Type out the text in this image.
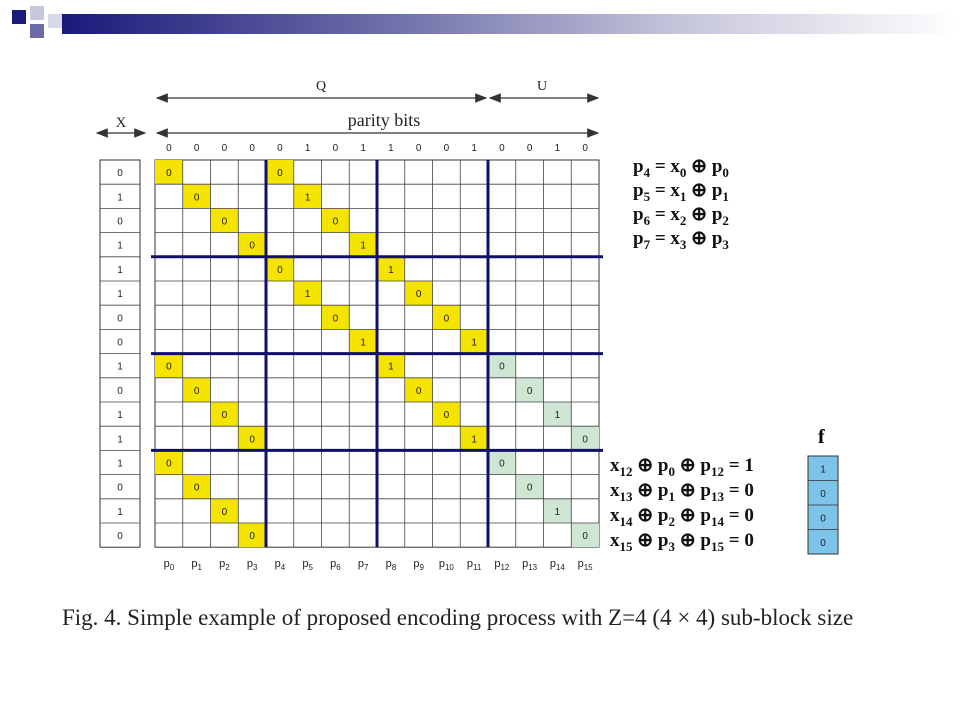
0
0
0
0
0
1
0
1
0
1
0
1
1
0
0
1
0
0
0
0
1
0
0
1
0
0
1
0
0
0
0
0
0
0
1
0
0 0 0 0 0 1 0 1 1 0 0 1 0 0 1 0
$p_0$ $p_1$ $p_2$ $p_3$ $p_4$ $p_5$ $p_6$ $p_7$ $p_8$ $p_9$ $p_{10}$ $p_{11}$ $p_{12}$ $p_{13}$ $p_{14}$ $p_{15}$
0
1
0
1
1
1
0
0
1
0
1
1
1
0
1
0
Q	U
parity bits
X
1
0
0
0
Fig. 4. Simple example of proposed encoding process with Z=4 (4 × 4) sub-block size
$p_4 = x_0$ ⊕ $p_0$
$p_5 = x_1$ ⊕ $p_1$
$p_6 = x_2$ ⊕ $p_2$
$p_7 = x_3$ ⊕ $p_3$
$x_{12}$ ⊕ $p_0$ ⊕ $p_{12} = 1$
$x_{13}$ ⊕ $p_1$ ⊕ $p_{13} = 0$
$x_{14}$ ⊕ $p_2$ ⊕ $p_{14} = 0$
$x_{15}$ ⊕ $p_3$ ⊕ $p_{15} = 0$
f
